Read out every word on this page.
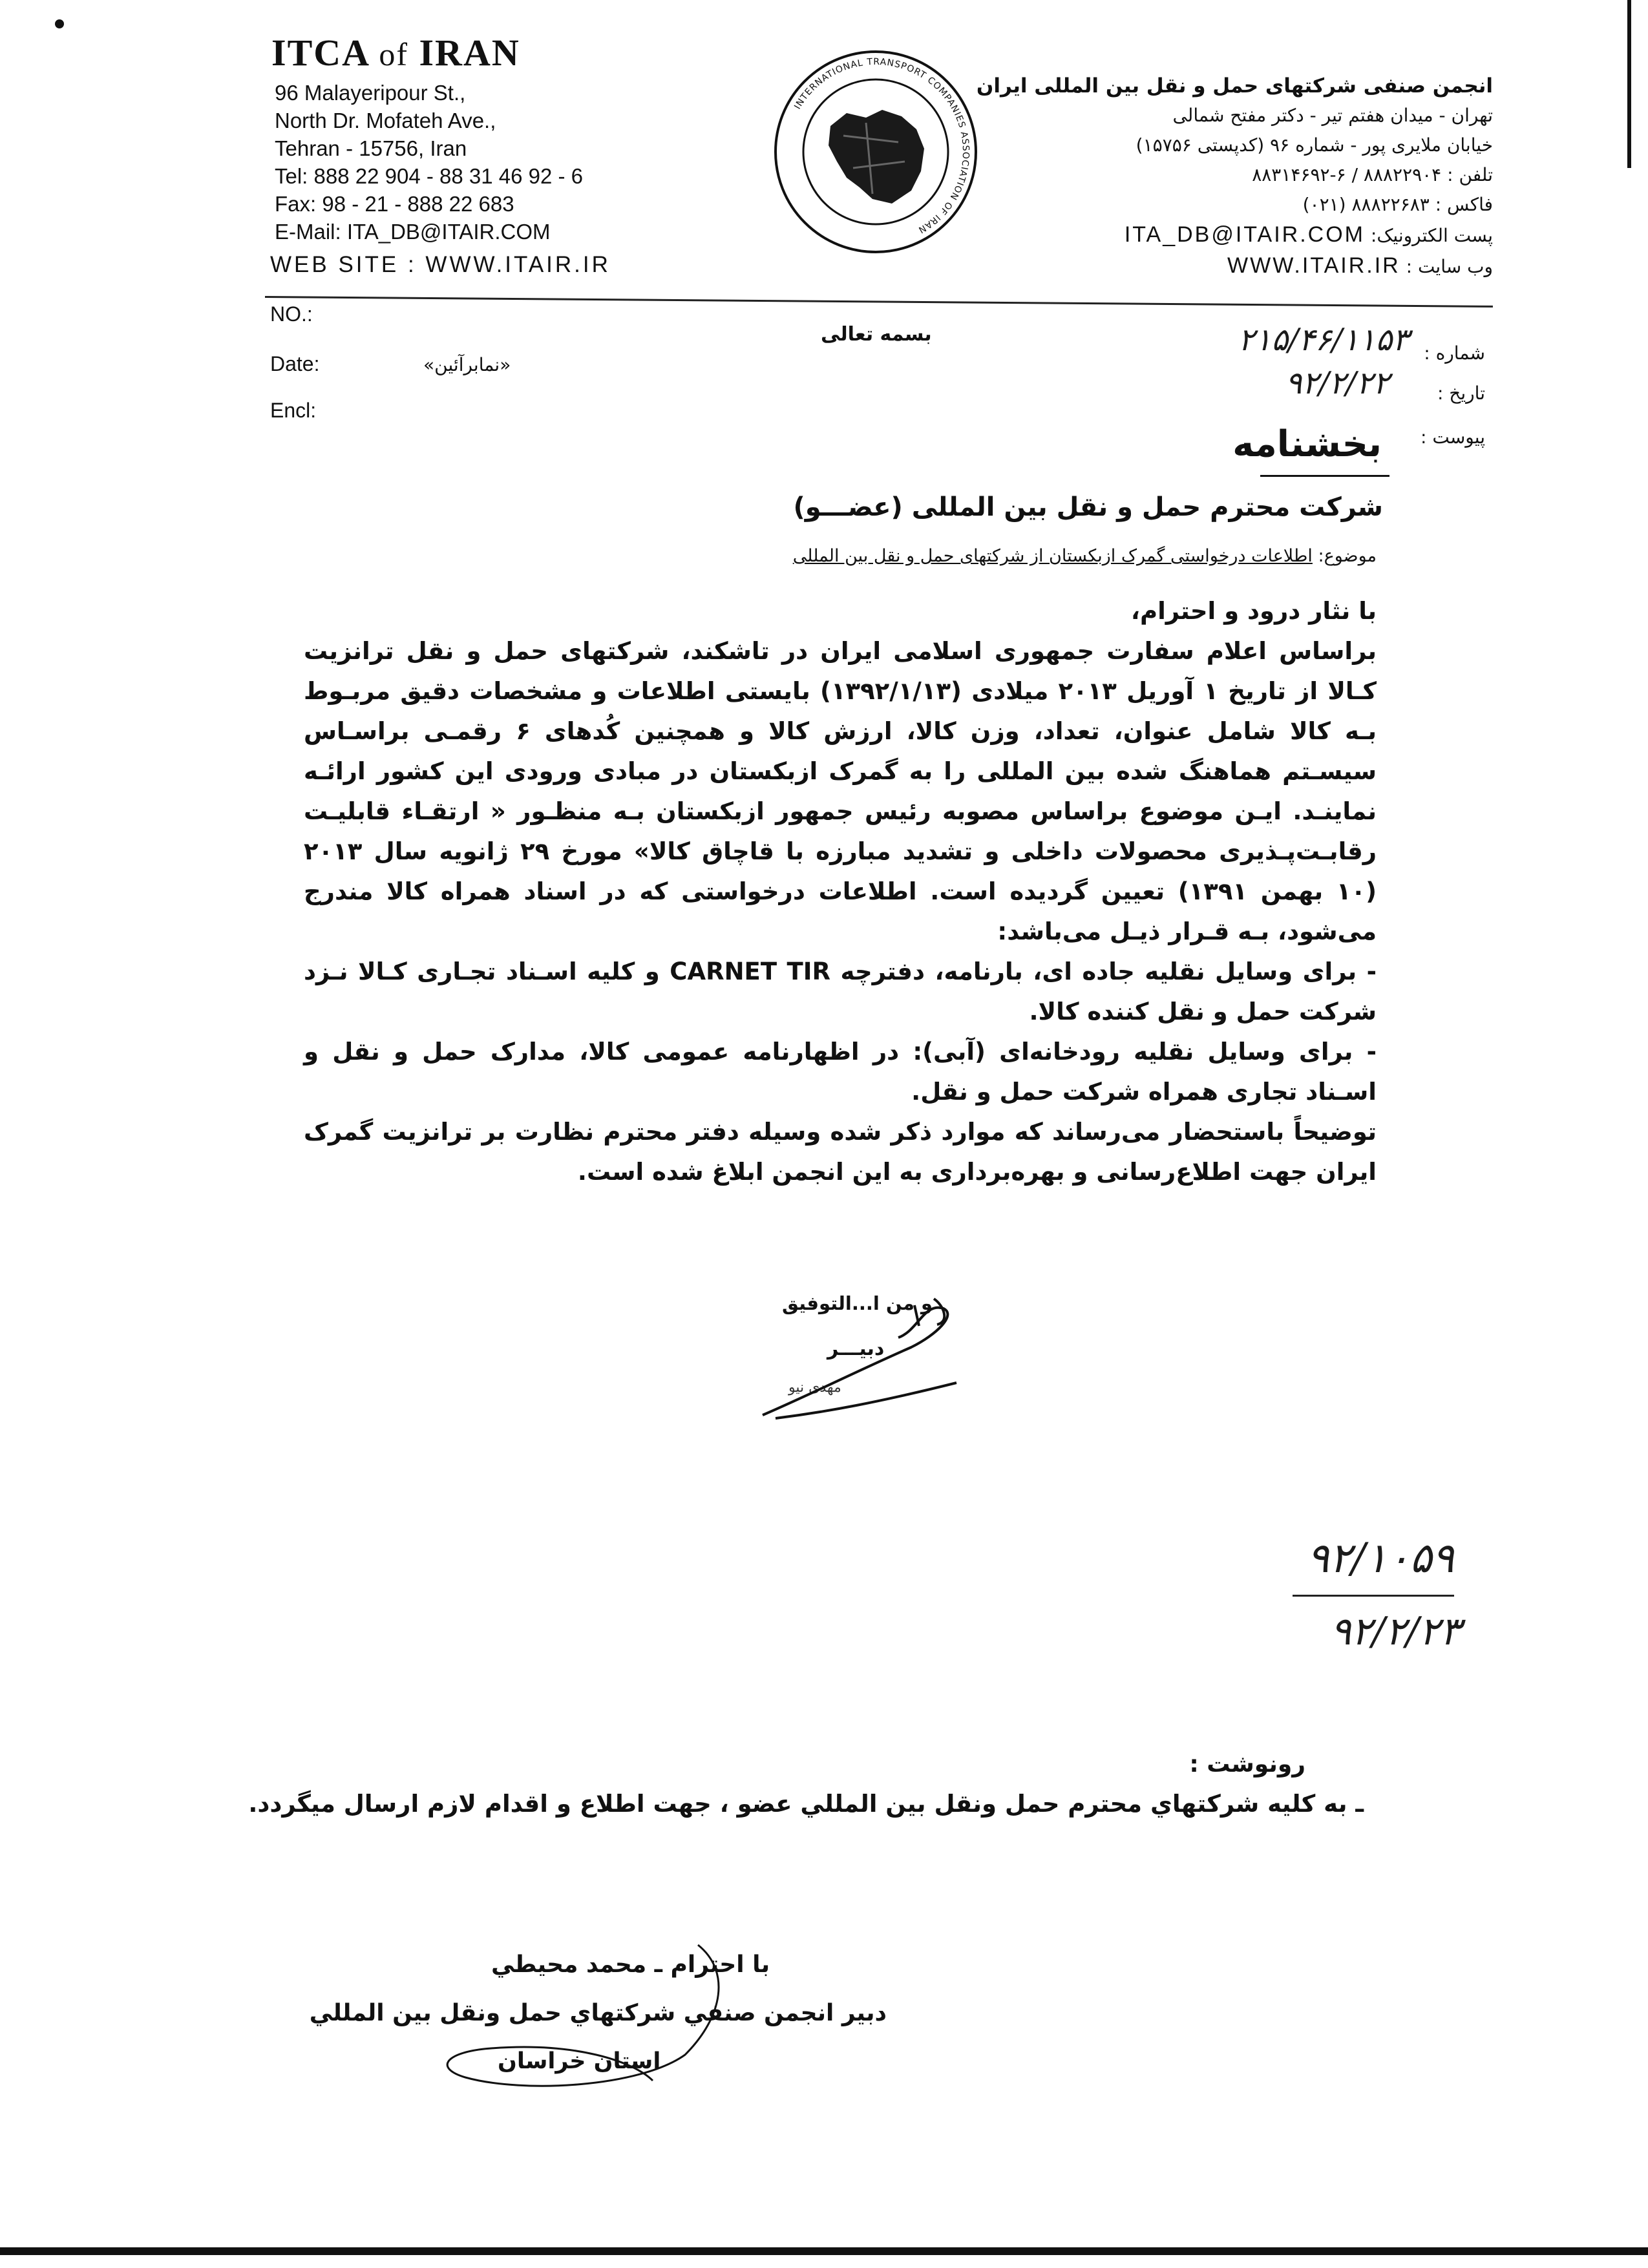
ITCA of IRAN
96 Malayeripour St.,
North Dr. Mofateh Ave.,
Tehran - 15756, Iran
Tel: 888 22 904 - 88 31 46 92 - 6
Fax: 98 - 21 - 888 22 683
E-Mail: ITA_DB@ITAIR.COM
WEB SITE : WWW.ITAIR.IR
INTERNATIONAL TRANSPORT COMPANIES ASSOCIATION OF IRAN
انجمن صنفی شرکتهای حمل و نقل بین المللی ایران
تهران - میدان هفتم تیر - دکتر مفتح شمالی
خیابان ملایری پور - شماره ۹۶ (کدپستی ۱۵۷۵۶)
تلفن : ۸۸۸۲۲۹۰۴ / ۶-۸۸۳۱۴۶۹۲
فاکس : ۸۸۸۲۲۶۸۳ (۰۲۱)
پست الکترونیک: ITA_DB@ITAIR.COM
وب سایت : WWW.ITAIR.IR
NO.:
Date:
Encl:
شماره :
تاریخ :
پیوست :
۲۱۵/۴۶/۱۱۵۳
۹۲/۲/۲۲
بسمه تعالی
«نمابرآئین»
بخشنامه
شرکت محترم حمل و نقل بین المللی (عضـــو)
موضوع: اطلاعات درخواستی گمرک ازبکستان از شرکتهای حمل و نقل بین المللی

با نثار درود و احترام،

براساس اعلام سفارت جمهوری اسلامی ایران در تاشکند، شرکتهای حمل و نقل ترانزیت کـالا از تاریخ ۱ آوریل ۲۰۱۳ میلادی (۱۳۹۲/۱/۱۳) بایستی اطلاعات و مشخصات دقیق مربـوط بـه کالا شامل عنوان، تعداد، وزن کالا، ارزش کالا و همچنین کُدهای ۶ رقمـی براسـاس سیسـتم هماهنگ شده بین المللی را به گمرک ازبکستان در مبادی ورودی این کشور ارائـه نماینـد. ایـن موضوع براساس مصوبه رئیس جمهور ازبکستان بـه منظـور « ارتقـاء قابلیـت رقابـت‌پـذیری محصولات داخلی و تشدید مبارزه با قاچاق کالا» مورخ ۲۹ ژانویه سال ۲۰۱۳ (۱۰ بهمن ۱۳۹۱) تعیین گردیده است. اطلاعات درخواستی که در اسناد همراه کالا مندرج می‌شود، بـه قـرار ذیـل می‌باشد:

- برای وسایل نقلیه جاده ای، بارنامه، دفترچه CARNET TIR و کلیه اسـناد تجـاری کـالا نـزد شرکت حمل و نقل کننده کالا.

- برای وسایل نقلیه رودخانه‌ای (آبی): در اظهارنامه عمومی کالا، مدارک حمل و نقل و اسـناد تجاری همراه شرکت حمل و نقل.

توضیحاً باستحضار می‌رساند که موارد ذکر شده وسیله دفتر محترم نظارت بر ترانزیت گمرک ایران جهت اطلاع‌رسانی و بهره‌برداری به این انجمن ابلاغ شده است.

و من ا...التوفیق
دبیـــر
مهدی نیو
۹۲/۱۰۵۹
۹۲/۲/۲۳
رونوشت :
ـ به کلیه شرکتهاي محترم حمل ونقل بین المللي عضو ، جهت اطلاع و اقدام لازم ارسال میگردد.
با احترام ـ محمد محیطي
دبیر انجمن صنفي شرکتهاي حمل ونقل بین المللي
استان خراسان
